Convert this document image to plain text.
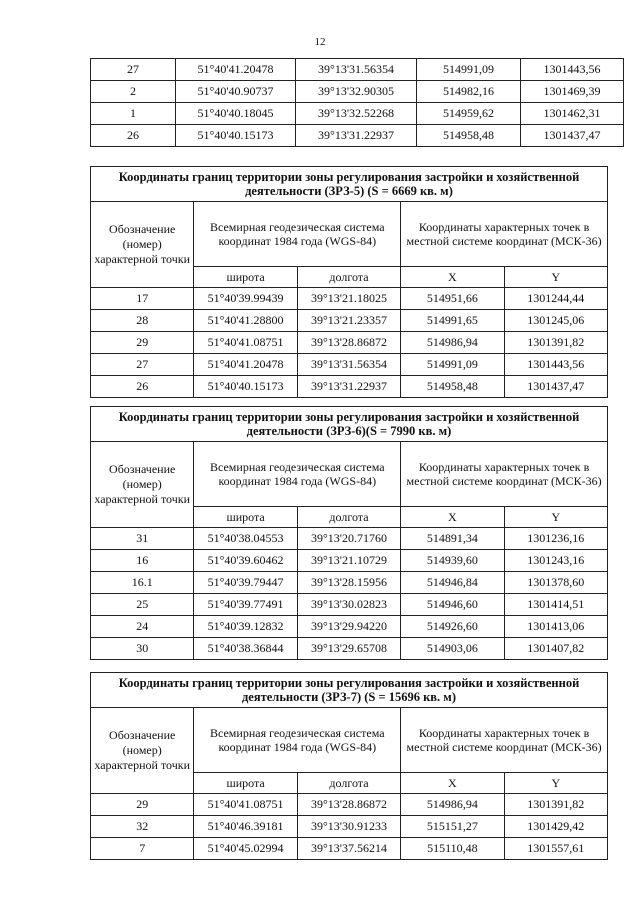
12
27	51°40'41.20478	39°13'31.56354	514991,09	1301443,56
2	51°40'40.90737	39°13'32.90305	514982,16	1301469,39
1	51°40'40.18045	39°13'32.52268	514959,62	1301462,31
26	51°40'40.15173	39°13'31.22937	514958,48	1301437,47
Координаты границ территории зоны регулирования застройки и хозяйственной деятельности (ЗРЗ-5) (S = 6669 кв. м)				
Обозначение (номер) характерной точки	Всемирная геодезическая система координат 1984 года (WGS-84)		Координаты характерных точек в местной системе координат (МСК-36)	
	широта	долгота	X	Y
17	51°40'39.99439	39°13'21.18025	514951,66	1301244,44
28	51°40'41.28800	39°13'21.23357	514991,65	1301245,06
29	51°40'41.08751	39°13'28.86872	514986,94	1301391,82
27	51°40'41.20478	39°13'31.56354	514991,09	1301443,56
26	51°40'40.15173	39°13'31.22937	514958,48	1301437,47
Координаты границ территории зоны регулирования застройки и хозяйственной деятельности (ЗРЗ-6)(S = 7990 кв. м)				
Обозначение (номер) характерной точки	Всемирная геодезическая система координат 1984 года (WGS-84)		Координаты характерных точек в местной системе координат (МСК-36)	
	широта	долгота	X	Y
31	51°40'38.04553	39°13'20.71760	514891,34	1301236,16
16	51°40'39.60462	39°13'21.10729	514939,60	1301243,16
16.1	51°40'39.79447	39°13'28.15956	514946,84	1301378,60
25	51°40'39.77491	39°13'30.02823	514946,60	1301414,51
24	51°40'39.12832	39°13'29.94220	514926,60	1301413,06
30	51°40'38.36844	39°13'29.65708	514903,06	1301407,82
Координаты границ территории зоны регулирования застройки и хозяйственной деятельности (ЗРЗ-7) (S = 15696 кв. м)				
Обозначение (номер) характерной точки	Всемирная геодезическая система координат 1984 года (WGS-84)		Координаты характерных точек в местной системе координат (МСК-36)	
	широта	долгота	X	Y
29	51°40'41.08751	39°13'28.86872	514986,94	1301391,82
32	51°40'46.39181	39°13'30.91233	515151,27	1301429,42
7	51°40'45.02994	39°13'37.56214	515110,48	1301557,61
